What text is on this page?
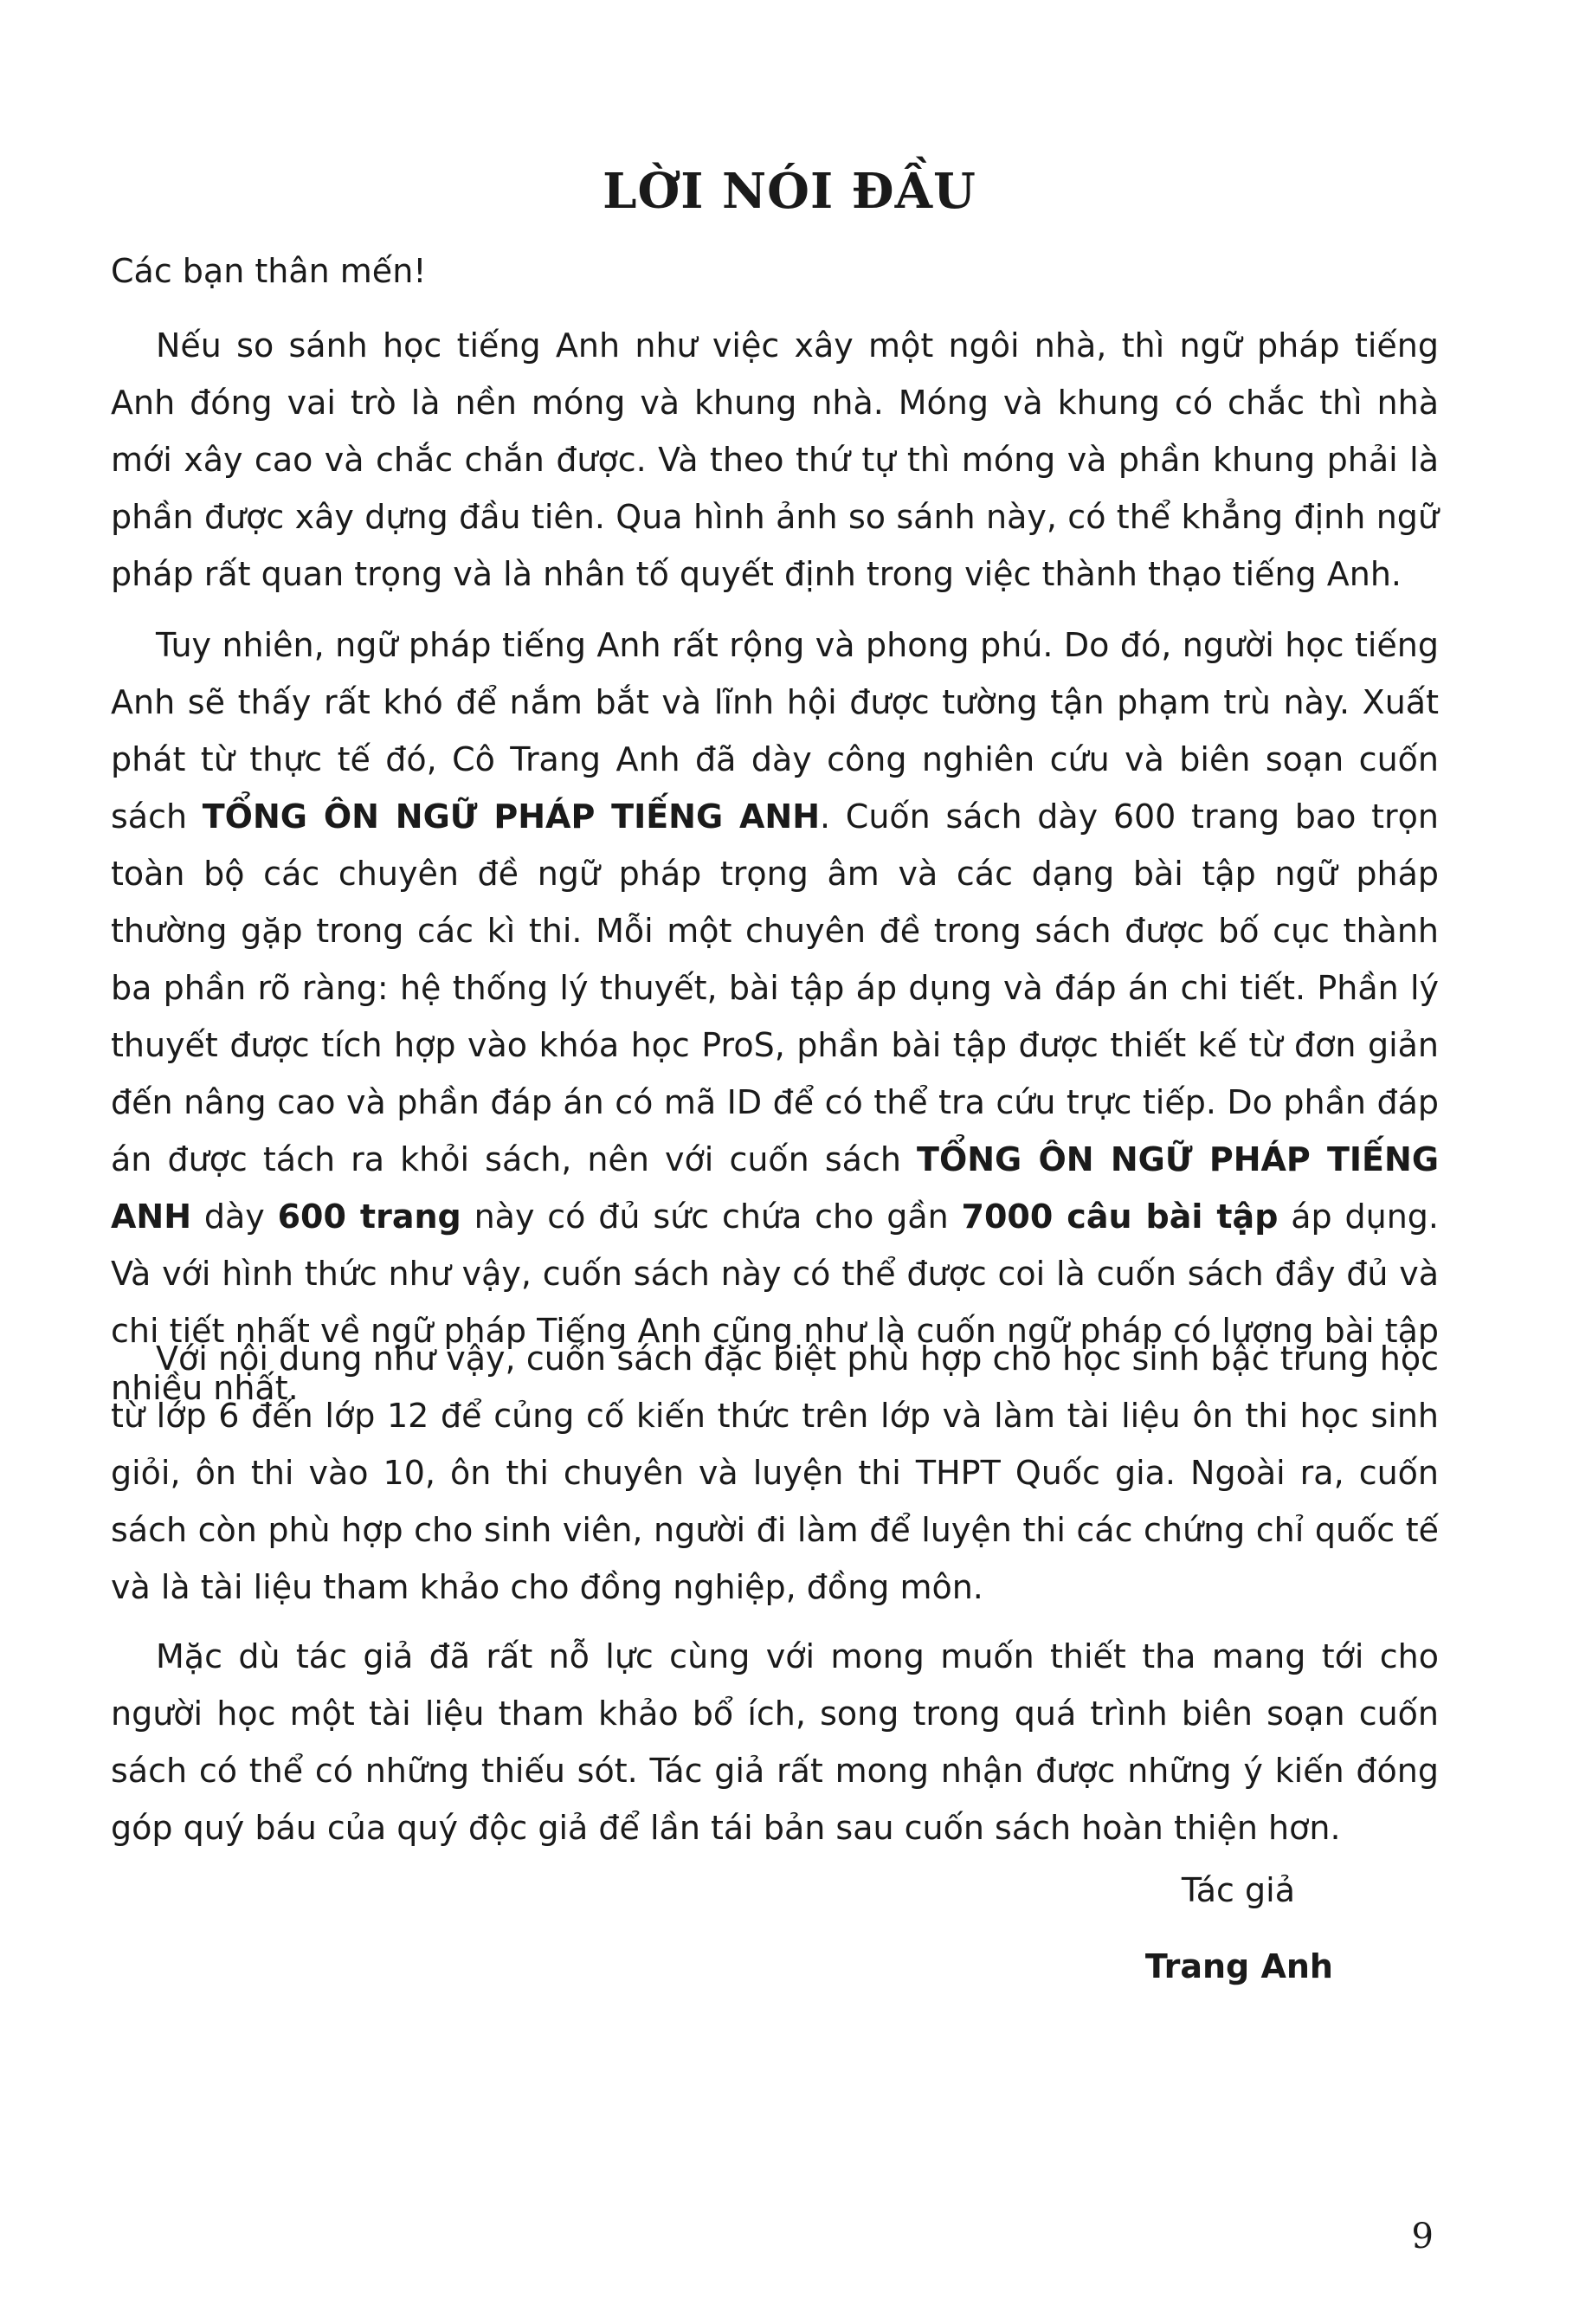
LỜI NÓI ĐẦU

Các bạn thân mến!

Nếu so sánh học tiếng Anh như việc xây một ngôi nhà, thì ngữ pháp tiếng Anh đóng vai trò là nền móng và khung nhà. Móng và khung có chắc thì nhà mới xây cao và chắc chắn được. Và theo thứ tự thì móng và phần khung phải là phần được xây dựng đầu tiên. Qua hình ảnh so sánh này, có thể khẳng định ngữ pháp rất quan trọng và là nhân tố quyết định trong việc thành thạo tiếng Anh.

Tuy nhiên, ngữ pháp tiếng Anh rất rộng và phong phú. Do đó, người học tiếng Anh sẽ thấy rất khó để nắm bắt và lĩnh hội được tường tận phạm trù này. Xuất phát từ thực tế đó, Cô Trang Anh đã dày công nghiên cứu và biên soạn cuốn sách TỔNG ÔN NGỮ PHÁP TIẾNG ANH. Cuốn sách dày 600 trang bao trọn toàn bộ các chuyên đề ngữ pháp trọng âm và các dạng bài tập ngữ pháp thường gặp trong các kì thi. Mỗi một chuyên đề trong sách được bố cục thành ba phần rõ ràng: hệ thống lý thuyết, bài tập áp dụng và đáp án chi tiết. Phần lý thuyết được tích hợp vào khóa học ProS, phần bài tập được thiết kế từ đơn giản đến nâng cao và phần đáp án có mã ID để có thể tra cứu trực tiếp. Do phần đáp án được tách ra khỏi sách, nên với cuốn sách TỔNG ÔN NGỮ PHÁP TIẾNG ANH dày 600 trang này có đủ sức chứa cho gần 7000 câu bài tập áp dụng. Và với hình thức như vậy, cuốn sách này có thể được coi là cuốn sách đầy đủ và chi tiết nhất về ngữ pháp Tiếng Anh cũng như là cuốn ngữ pháp có lượng bài tập nhiều nhất.

Với nội dung như vậy, cuốn sách đặc biệt phù hợp cho học sinh bậc trung học từ lớp 6 đến lớp 12 để củng cố kiến thức trên lớp và làm tài liệu ôn thi học sinh giỏi, ôn thi vào 10, ôn thi chuyên và luyện thi THPT Quốc gia. Ngoài ra, cuốn sách còn phù hợp cho sinh viên, người đi làm để luyện thi các chứng chỉ quốc tế và là tài liệu tham khảo cho đồng nghiệp, đồng môn.

Mặc dù tác giả đã rất nỗ lực cùng với mong muốn thiết tha mang tới cho người học một tài liệu tham khảo bổ ích, song trong quá trình biên soạn cuốn sách có thể có những thiếu sót. Tác giả rất mong nhận được những ý kiến đóng góp quý báu của quý độc giả để lần tái bản sau cuốn sách hoàn thiện hơn.

Tác giả

Trang Anh

9
